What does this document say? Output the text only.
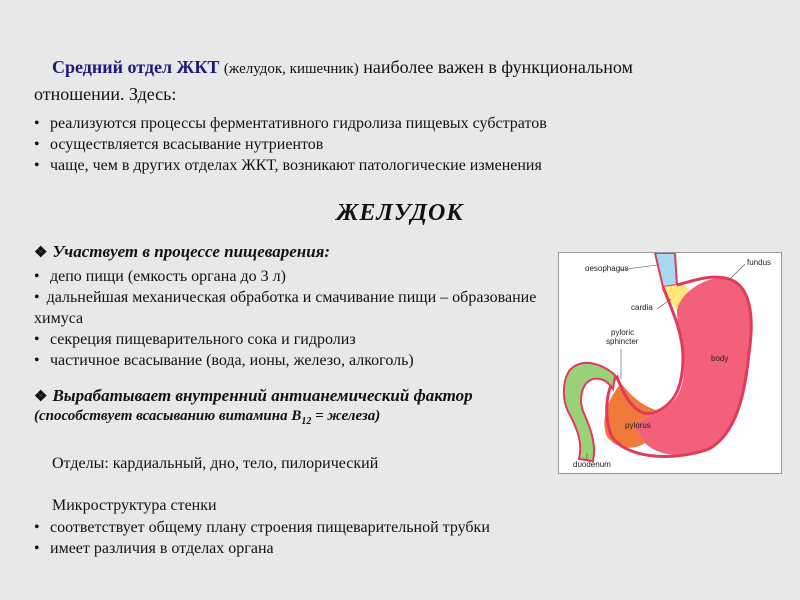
Средний отдел ЖКТ (желудок, кишечник) наиболее важен в функциональном отношении. Здесь:
• реализуются процессы ферментативного гидролиза пищевых субстратов
• осуществляется всасывание нутриентов
• чаще, чем в других отделах ЖКТ, возникают патологические изменения
ЖЕЛУДОК
❖ Участвует в процессе пищеварения:
• депо пищи (емкость органа до 3 л)
• дальнейшая механическая обработка и смачивание пищи – образование химуса
• секреция пищеварительного сока и гидролиз
• частичное всасывание (вода, ионы, железо, алкоголь)
❖ Вырабатывает внутренний антианемический фактор
(способствует всасыванию витамина $В_{12}$ = железа)
Отделы: кардиальный, дно, тело, пилорический
Микроструктура стенки
• соответствует общему плану строения пищеварительной трубки
• имеет различия в отделах органа
oesophagus
fundus
cardia
pyloric
sphincter
body
pylorus
duodenum
